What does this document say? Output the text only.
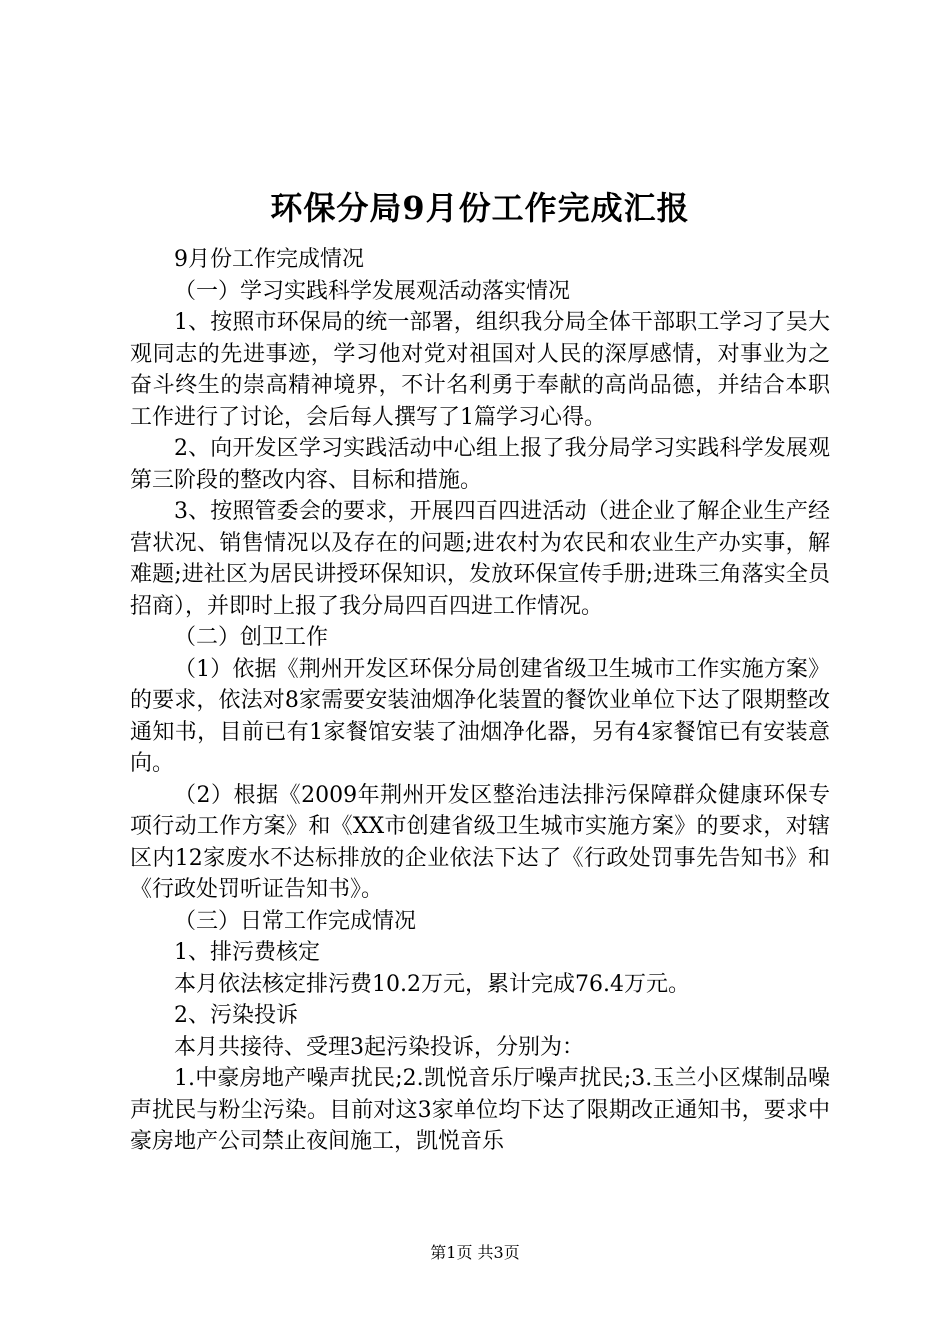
环保分局9月份工作完成汇报

9月份工作完成情况

（一）学习实践科学发展观活动落实情况

1、按照市环保局的统一部署，组织我分局全体干部职工学习了吴大观同志的先进事迹，学习他对党对祖国对人民的深厚感情，对事业为之奋斗终生的崇高精神境界，不计名利勇于奉献的高尚品德，并结合本职工作进行了讨论，会后每人撰写了1篇学习心得。

2、向开发区学习实践活动中心组上报了我分局学习实践科学发展观第三阶段的整改内容、目标和措施。

3、按照管委会的要求，开展四百四进活动（进企业了解企业生产经营状况、销售情况以及存在的问题;进农村为农民和农业生产办实事，解难题;进社区为居民讲授环保知识，发放环保宣传手册;进珠三角落实全员招商），并即时上报了我分局四百四进工作情况。

（二）创卫工作

（1）依据《荆州开发区环保分局创建省级卫生城市工作实施方案》的要求，依法对8家需要安装油烟净化装置的餐饮业单位下达了限期整改通知书，目前已有1家餐馆安装了油烟净化器，另有4家餐馆已有安装意向。

（2）根据《2009年荆州开发区整治违法排污保障群众健康环保专项行动工作方案》和《XX市创建省级卫生城市实施方案》的要求，对辖区内12家废水不达标排放的企业依法下达了《行政处罚事先告知书》和《行政处罚听证告知书》。

（三）日常工作完成情况

1、排污费核定

本月依法核定排污费10.2万元，累计完成76.4万元。

2、污染投诉

本月共接待、受理3起污染投诉，分别为：

1.中豪房地产噪声扰民;2.凯悦音乐厅噪声扰民;3.玉兰小区煤制品噪声扰民与粉尘污染。目前对这3家单位均下达了限期改正通知书，要求中豪房地产公司禁止夜间施工，凯悦音乐

第1页 共3页
